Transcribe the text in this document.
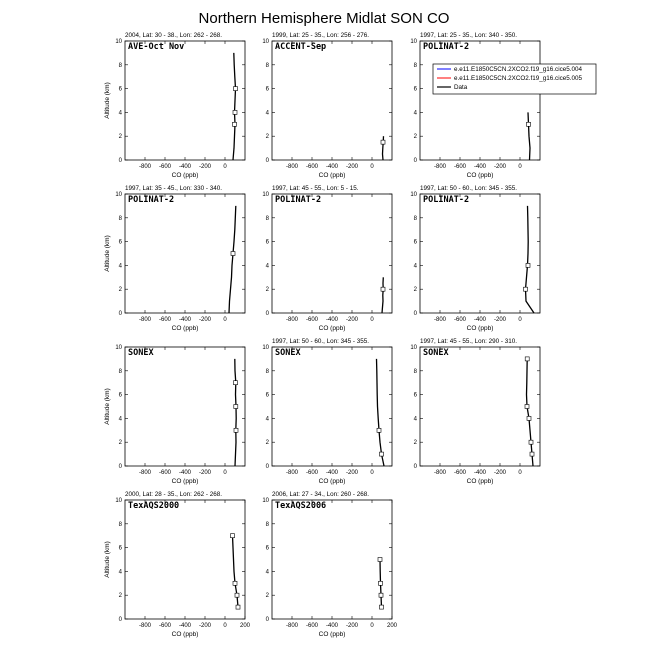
Northern Hemisphere Midlat SON CO
2004, Lat: 30 - 38., Lon: 262 - 268.
AVE-Oct Nov
-800 -600 -400 -200 0
0
2
4
6
8
10
CO (ppb)
Altitude (km)
1999, Lat: 25 - 35., Lon: 256 - 276.
ACCENT-Sep
-800 -600 -400 -200 0
0
2
4
6
8
10
CO (ppb)
1997, Lat: 25 - 35., Lon: 340 - 350.
POLINAT-2
-800 -600 -400 -200 0
0
2
4
6
8
10
CO (ppb)
1997, Lat: 35 - 45., Lon: 330 - 340.
POLINAT-2
-800 -600 -400 -200 0
0
2
4
6
8
10
CO (ppb)
Altitude (km)
1997, Lat: 45 - 55., Lon: 5 - 15.
POLINAT-2
-800 -600 -400 -200 0
0
2
4
6
8
10
CO (ppb)
1997, Lat: 50 - 60., Lon: 345 - 355.
POLINAT-2
-800 -600 -400 -200 0
0
2
4
6
8
10
CO (ppb)
SONEX
-800 -600 -400 -200 0
0
2
4
6
8
10
CO (ppb)
Altitude (km)
1997, Lat: 50 - 60., Lon: 345 - 355.
SONEX
-800 -600 -400 -200 0
0
2
4
6
8
10
CO (ppb)
1997, Lat: 45 - 55., Lon: 290 - 310.
SONEX
-800 -600 -400 -200 0
0
2
4
6
8
10
CO (ppb)
2000, Lat: 28 - 35., Lon: 262 - 268.
TexAQS2000
-800 -600 -400 -200 0 200
0
2
4
6
8
10
CO (ppb)
Altitude (km)
2006, Lat: 27 - 34., Lon: 260 - 268.
TexAQS2006
-800 -600 -400 -200 0 200
0
2
4
6
8
10
CO (ppb)
e.e11.E1850C5CN.2XCO2.f19_g16.cice5.004
e.e11.E1850C5CN.2XCO2.f19_g16.cice5.005
Data
